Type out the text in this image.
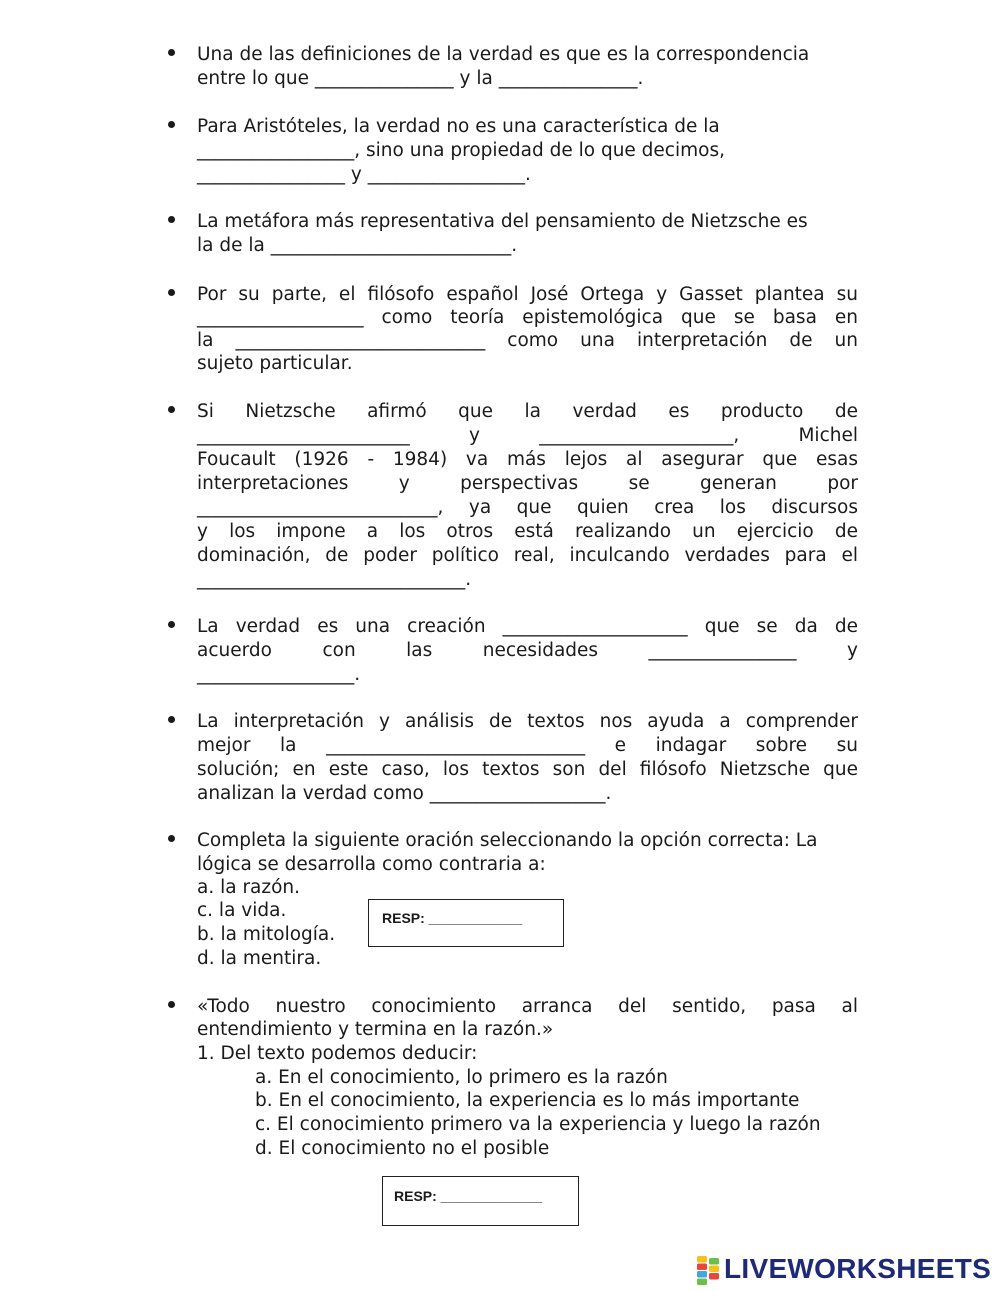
Una de las definiciones de la verdad es que es la correspondencia

entre lo que _______________ y la _______________.

Para Aristóteles, la verdad no es una característica de la

_________________, sino una propiedad de lo que decimos,

________________ y _________________.

La metáfora más representativa del pensamiento de Nietzsche es

la de la __________________________.

Por su parte, el filósofo español José Ortega y Gasset plantea su

__________________ como teoría epistemológica que se basa en

la ___________________________ como una interpretación de un

sujeto particular.

Si Nietzsche afirmó que la verdad es producto de

_______________________ y _____________________, Michel

Foucault (1926 - 1984) va más lejos al asegurar que esas

interpretaciones y perspectivas se generan por

__________________________, ya que quien crea los discursos

y los impone a los otros está realizando un ejercicio de

dominación, de poder político real, inculcando verdades para el

_____________________________.

La verdad es una creación ____________________ que se da de

acuerdo con las necesidades ________________ y

_________________.

La interpretación y análisis de textos nos ayuda a comprender

mejor la ____________________________ e indagar sobre su

solución; en este caso, los textos son del filósofo Nietzsche que

analizan la verdad como ___________________.

Completa la siguiente oración seleccionando la opción correcta: La

lógica se desarrolla como contraria a:

a. la razón.

c. la vida.

b. la mitología.

d. la mentira.

RESP: ____________

«Todo nuestro conocimiento arranca del sentido, pasa al

entendimiento y termina en la razón.»

1. Del texto podemos deducir:

a. En el conocimiento, lo primero es la razón

b. En el conocimiento, la experiencia es lo más importante

c. El conocimiento primero va la experiencia y luego la razón

d. El conocimiento no el posible

RESP: _____________
LIVEWORKSHEETS
